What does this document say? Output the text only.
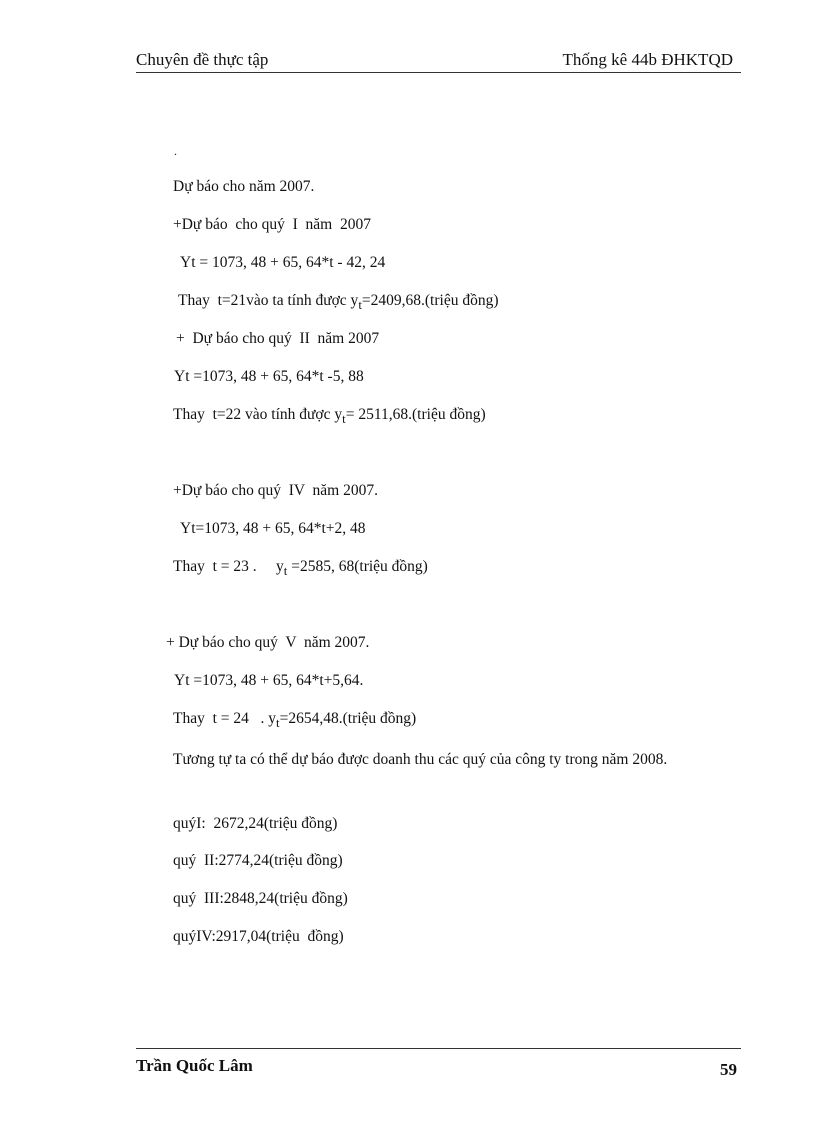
Chuyên đề thực tập	Thống kê 44b ĐHKTQD
.
Dự báo cho năm 2007.
+Dự báo  cho quý  I  năm  2007
Yt = 1073, 48 + 65, 64*t - 42, 24
Thay  t=21vào ta tính được $y_t=2409,68.(triệu$ đồng)
+  Dự báo cho quý  II  năm 2007
Yt =1073, 48 + 65, 64*t -5, 88
Thay  t=22 vào tính được $y_t=$ 2511,68.(triệu đồng)
+Dự báo cho quý  IV  năm 2007.
Yt=1073, 48 + 65, 64*t+2, 48
Thay  t = 23 .     $y_t =2585$, 68(triệu đồng)
+ Dự báo cho quý  V  năm 2007.
Yt =1073, 48 + 65, 64*t+5,64.
Thay  t = 24   . $y_t=2654,48.(triệu$ đồng)
Tương tự ta có thể dự báo được doanh thu các quý của công ty trong năm 2008.
quýI:  2672,24(triệu đồng)
quý  II:2774,24(triệu đồng)
quý  III:2848,24(triệu đồng)
quýIV:2917,04(triệu  đồng)
Trần Quốc Lâm	59
